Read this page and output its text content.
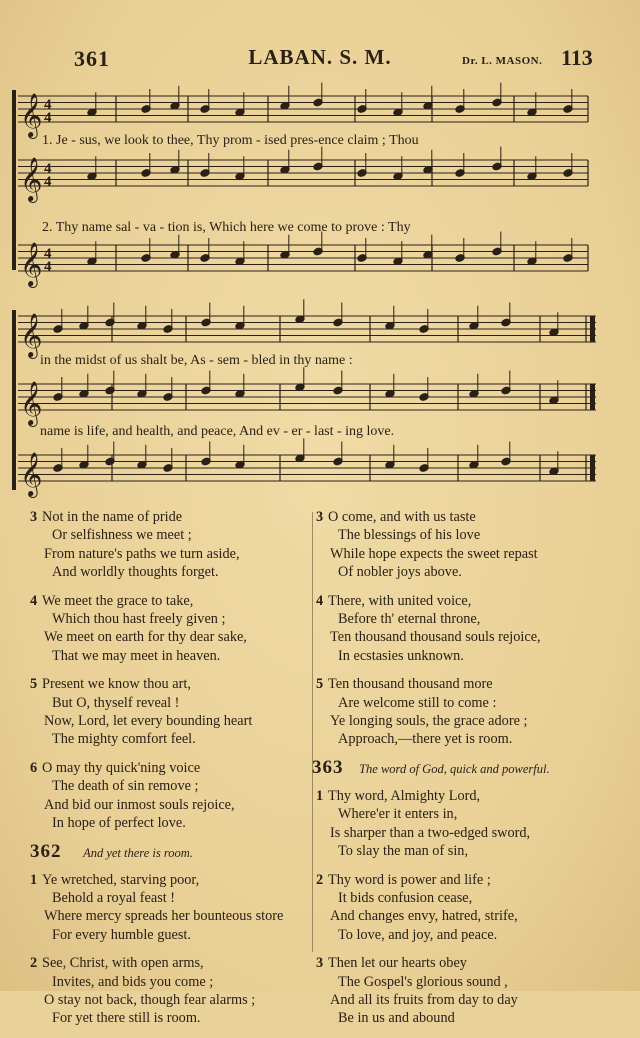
361	LABAN. S. M.	Dr. L. MASON. 113
𝄞 4
4
𝄞 4
4
𝄞 4
4
𝄞
𝄞
𝄞
1. Je - sus, we look to thee, Thy prom - ised pres-ence claim ; Thou
2. Thy name sal - va - tion is, Which here we come to prove : Thy
in the midst of us shalt be, As - sem - bled in thy name :
name is life, and health, and peace, And ev - er - last - ing love.
3 Not in the name of pride
Or selfishness we meet ;
From nature's paths we turn aside,
And worldly thoughts forget.
4 We meet the grace to take,
Which thou hast freely given ;
We meet on earth for thy dear sake,
That we may meet in heaven.
5 Present we know thou art,
But O, thyself reveal !
Now, Lord, let every bounding heart
The mighty comfort feel.
6 O may thy quick'ning voice
The death of sin remove ;
And bid our inmost souls rejoice,
In hope of perfect love.
362 And yet there is room.
1 Ye wretched, starving poor,
Behold a royal feast !
Where mercy spreads her bounteous store
For every humble guest.
2 See, Christ, with open arms,
Invites, and bids you come ;
O stay not back, though fear alarms ;
For yet there still is room.
3 O come, and with us taste
The blessings of his love
While hope expects the sweet repast
Of nobler joys above.
4 There, with united voice,
Before th' eternal throne,
Ten thousand thousand souls rejoice,
In ecstasies unknown.
5 Ten thousand thousand more
Are welcome still to come :
Ye longing souls, the grace adore ;
Approach,—there yet is room.
363 The word of God, quick and powerful.
1 Thy word, Almighty Lord,
Where'er it enters in,
Is sharper than a two-edged sword,
To slay the man of sin,
2 Thy word is power and life ;
It bids confusion cease,
And changes envy, hatred, strife,
To love, and joy, and peace.
3 Then let our hearts obey
The Gospel's glorious sound ,
And all its fruits from day to day
Be in us and abound
